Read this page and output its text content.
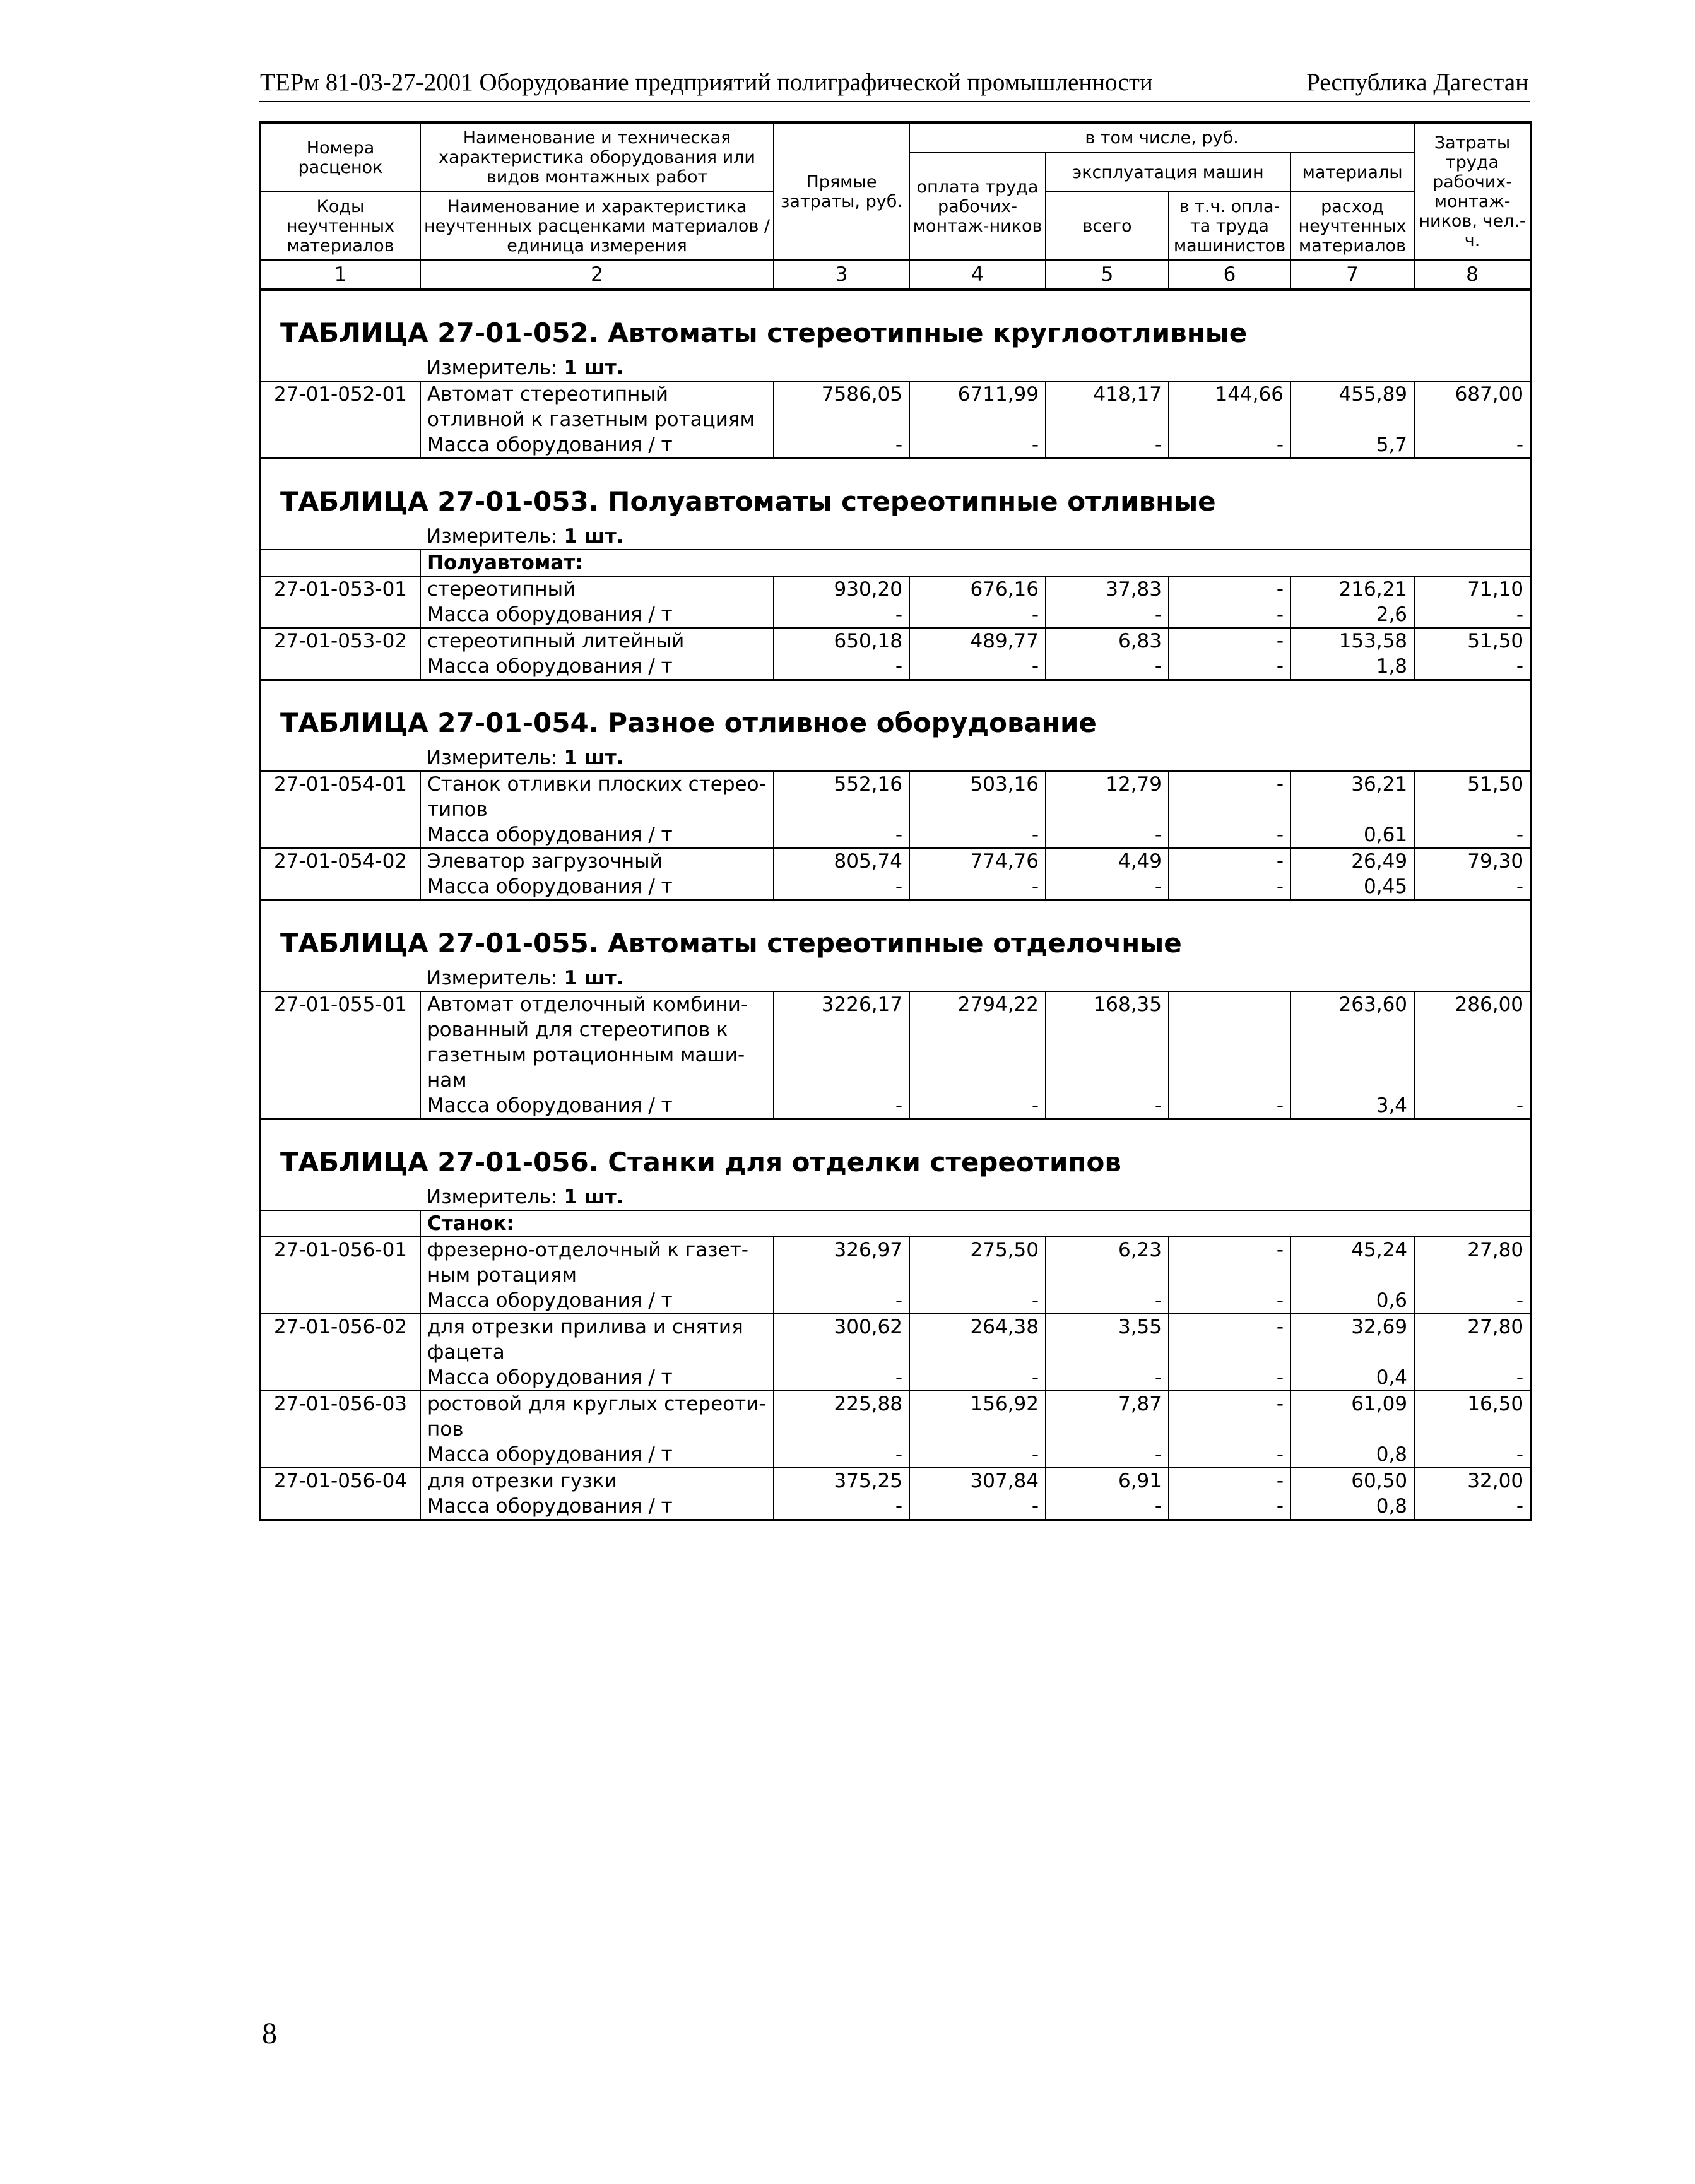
ТЕРм 81-03-27-2001 Оборудование предприятий полиграфической промышленности	Республика Дагестан
Номера расценок	Наименование и техническая характеристика оборудования или видов монтажных работ	Прямые затраты, руб.	в том числе, руб.				Затраты труда рабочих-монтаж-ников, чел.-ч.
			оплата труда рабочих-монтаж-ников	эксплуатация машин		материалы	
Коды неучтенных материалов	Наименование и характеристика неучтенных расценками материалов / единица измерения			всего	в т.ч. опла-та труда машинистов	расход неучтенных материалов	

1	2	3	4	5	6	7	8
ТАБЛИЦА 27-01-052. Автоматы стереотипные круглоотливные							
	Измеритель: 1 шт.						
27-01-052-01	Автомат стереотипный отливной к газетным ротациям	7586,05	6711,99	418,17	144,66	455,89	687,00
	Масса оборудования / т	-	-	-	-	5,7	-
ТАБЛИЦА 27-01-053. Полуавтоматы стереотипные отливные							
	Измеритель: 1 шт.						
	Полуавтомат:						
27-01-053-01	стереотипный	930,20	676,16	37,83	-	216,21	71,10
	Масса оборудования / т	-	-	-	-	2,6	-
27-01-053-02	стереотипный литейный	650,18	489,77	6,83	-	153,58	51,50
	Масса оборудования / т	-	-	-	-	1,8	-
ТАБЛИЦА 27-01-054. Разное отливное оборудование							
	Измеритель: 1 шт.						
27-01-054-01	Станок отливки плоских стерео-типов	552,16	503,16	12,79	-	36,21	51,50
	Масса оборудования / т	-	-	-	-	0,61	-
27-01-054-02	Элеватор загрузочный	805,74	774,76	4,49	-	26,49	79,30
	Масса оборудования / т	-	-	-	-	0,45	-
ТАБЛИЦА 27-01-055. Автоматы стереотипные отделочные							
	Измеритель: 1 шт.						
27-01-055-01	Автомат отделочный комбини-рованный для стереотипов к газетным ротационным маши-нам	3226,17	2794,22	168,35		263,60	286,00
	Масса оборудования / т	-	-	-	-	3,4	-
ТАБЛИЦА 27-01-056. Станки для отделки стереотипов							
	Измеритель: 1 шт.						
	Станок:						
27-01-056-01	фрезерно-отделочный к газет-ным ротациям	326,97	275,50	6,23	-	45,24	27,80
	Масса оборудования / т	-	-	-	-	0,6	-
27-01-056-02	для отрезки прилива и снятия фацета	300,62	264,38	3,55	-	32,69	27,80
	Масса оборудования / т	-	-	-	-	0,4	-
27-01-056-03	ростовой для круглых стереоти-пов	225,88	156,92	7,87	-	61,09	16,50
	Масса оборудования / т	-	-	-	-	0,8	-
27-01-056-04	для отрезки гузки	375,25	307,84	6,91	-	60,50	32,00
	Масса оборудования / т	-	-	-	-	0,8	-
8
